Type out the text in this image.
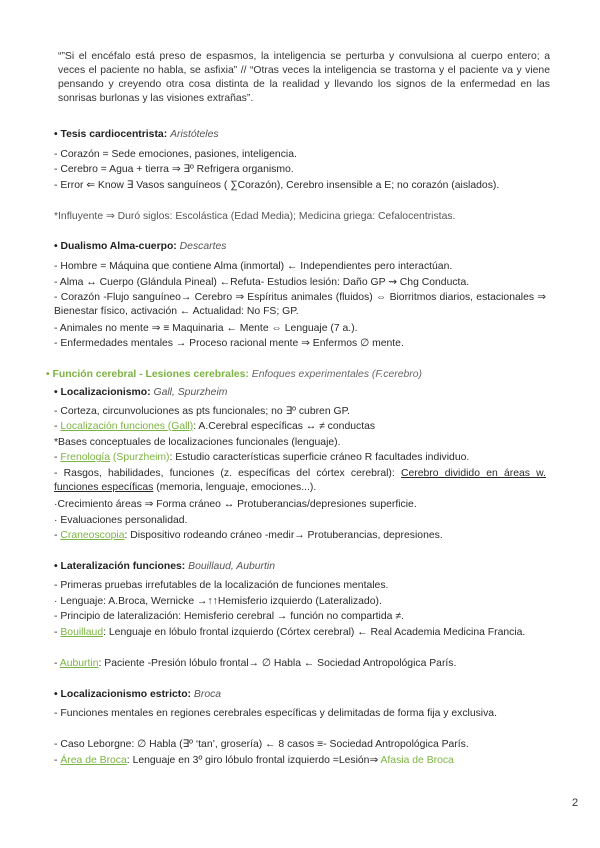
“”Si el encéfalo está preso de espasmos, la inteligencia se perturba y convulsiona al cuerpo entero; a veces el paciente no habla, se asfixia” // “Otras veces la inteligencia se trastorna y el paciente va y viene pensando y creyendo otra cosa distinta de la realidad y llevando los signos de la enfermedad en las sonrisas burlonas y las visiones extrañas”.
• Tesis cardiocentrista: Aristóteles
- Corazón = Sede emociones, pasiones, inteligencia.
- Cerebro = Agua + tierra ⇒ ∃º Refrigera organismo.
- Error ⇐ Know ∃ Vasos sanguíneos ( ∑Corazón), Cerebro insensible a E; no corazón (aislados).
*Influyente ⇒ Duró siglos: Escolástica (Edad Media); Medicina griega: Cefalocentristas.
• Dualismo Alma-cuerpo: Descartes
- Hombre = Máquina que contiene Alma (inmortal) ← Independientes pero interactúan.
- Alma ↔ Cuerpo (Glándula Pineal) ←Refuta- Estudios lesión: Daño GP ⇝ Chg Conducta.
- Corazón -Flujo sanguíneo→ Cerebro ⇒ Espíritus animales (fluidos) ⇔ Biorritmos diarios, estacionales ⇒ Bienestar físico, activación ← Actualidad: No FS; GP.
- Animales no mente ⇒ ≡ Maquinaria ← Mente ⇔ Lenguaje (7 a.).
- Enfermedades mentales → Proceso racional mente ⇒ Enfermos ∅ mente.
• Función cerebral - Lesiones cerebrales: Enfoques experimentales (F.cerebro)
• Localizacionismo: Gall, Spurzheim
- Corteza, circunvoluciones as pts funcionales; no ∃º cubren GP.
- Localización funciones (Gall): A.Cerebral específicas ↔ ≠ conductas
*Bases conceptuales de localizaciones funcionales (lenguaje).
- Frenología (Spurzheim): Estudio características superficie cráneo R facultades individuo.
- Rasgos, habilidades, funciones (z. específicas del córtex cerebral): Cerebro dividido en áreas w. funciones específicas (memoria, lenguaje, emociones...).
·Crecimiento áreas ⇒ Forma cráneo ↔ Protuberancias/depresiones superficie.
· Evaluaciones personalidad.
- Craneoscopia: Dispositivo rodeando cráneo -medir→ Protuberancias, depresiones.
• Lateralización funciones: Bouillaud, Auburtin
- Primeras pruebas irrefutables de la localización de funciones mentales.
· Lenguaje: A.Broca, Wernicke →↑↑Hemisferio izquierdo (Lateralizado).
- Principio de lateralización: Hemisferio cerebral → función no compartida ≠.
- Bouillaud: Lenguaje en lóbulo frontal izquierdo (Córtex cerebral) ← Real Academia Medicina Francia.
- Auburtin: Paciente -Presión lóbulo frontal→ ∅ Habla ← Sociedad Antropológica París.
• Localizacionismo estricto: Broca
- Funciones mentales en regiones cerebrales específicas y delimitadas de forma fija y exclusiva.
- Caso Leborgne: ∅ Habla (∃º ‘tan’, grosería) ← 8 casos ≡- Sociedad Antropológica París.
- Área de Broca: Lenguaje en 3º giro lóbulo frontal izquierdo =Lesión⇒ Afasia de Broca
2
